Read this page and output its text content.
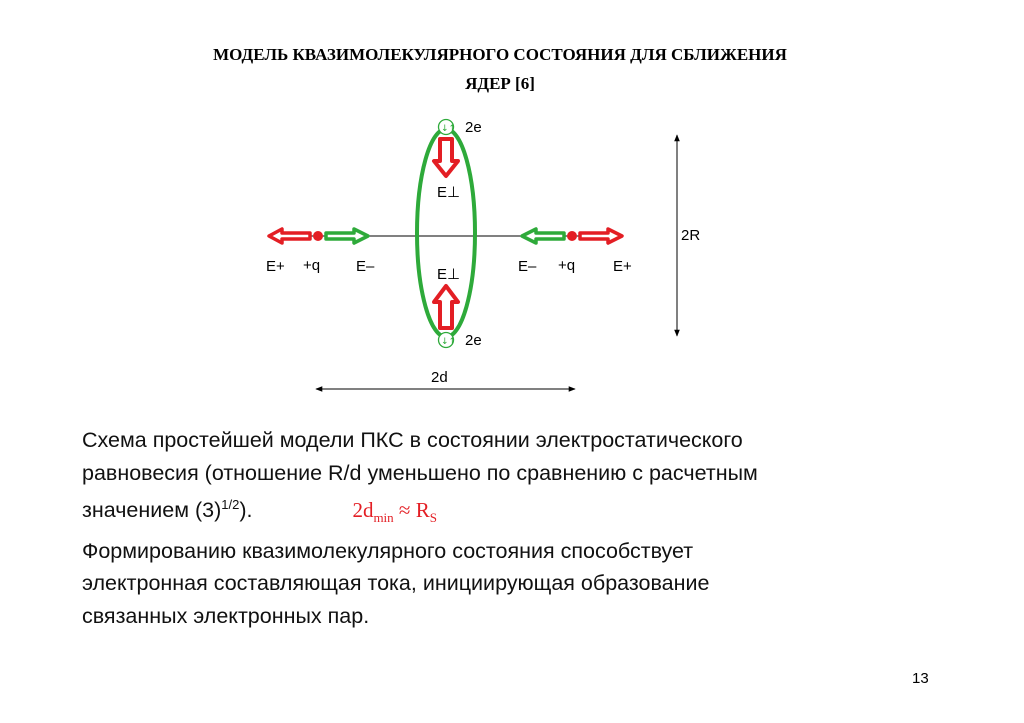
МОДЕЛЬ КВАЗИМОЛЕКУЛЯРНОГО СОСТОЯНИЯ ДЛЯ СБЛИЖЕНИЯ
ЯДЕР [6]
↓↑ 2e
↓↑ 2e
E⊥
E⊥
E+ +q E–	E– +q	E+
2R
2d

Схема простейшей модели ПКС в состоянии электростатического

равновесия (отношение R/d уменьшено по сравнению с расчетным

значением $(3)^{1/2}$).	$2d_{min} \approx R_S$

Формированию квазимолекулярного состояния способствует

электронная составляющая тока, инициирующая образование

связанных электронных пар.

13
